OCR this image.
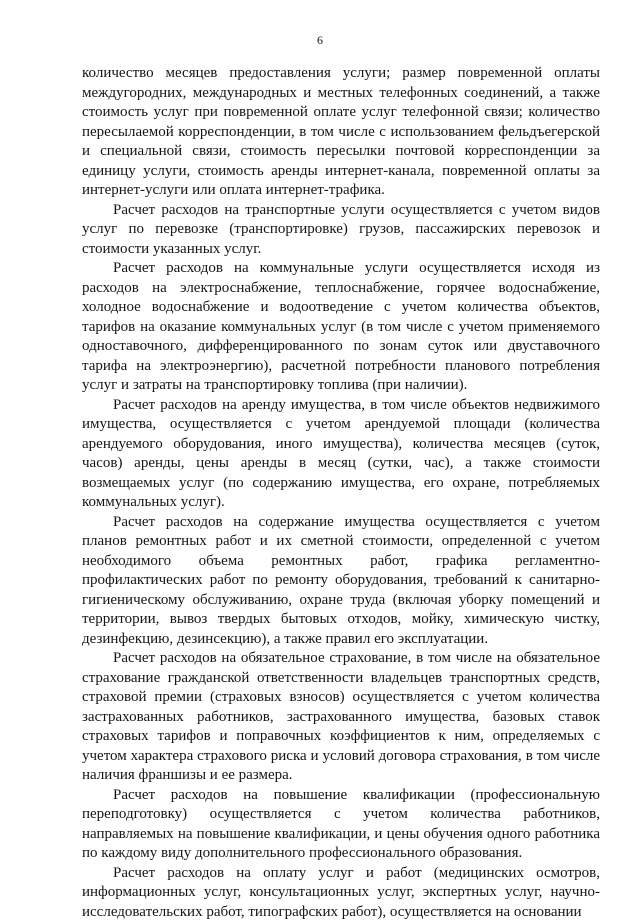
6

количество месяцев предоставления услуги; размер повременной оплаты междугородних, международных и местных телефонных соединений, а также стоимость услуг при повременной оплате услуг телефонной связи; количество пересылаемой корреспонденции, в том числе с использованием фельдъегерской и специальной связи, стоимость пересылки почтовой корреспонденции за единицу услуги, стоимость аренды интернет-канала, повременной оплаты за интернет-услуги или оплата интернет-трафика.

Расчет расходов на транспортные услуги осуществляется с учетом видов услуг по перевозке (транспортировке) грузов, пассажирских перевозок и стоимости указанных услуг.

Расчет расходов на коммунальные услуги осуществляется исходя из расходов на электроснабжение, теплоснабжение, горячее водоснабжение, холодное водоснабжение и водоотведение с учетом количества объектов, тарифов на оказание коммунальных услуг (в том числе с учетом применяемого одноставочного, дифференцированного по зонам суток или двуставочного тарифа на электроэнергию), расчетной потребности планового потребления услуг и затраты на транспортировку топлива (при наличии).

Расчет расходов на аренду имущества, в том числе объектов недвижимого имущества, осуществляется с учетом арендуемой площади (количества арендуемого оборудования, иного имущества), количества месяцев (суток, часов) аренды, цены аренды в месяц (сутки, час), а также стоимости возмещаемых услуг (по содержанию имущества, его охране, потребляемых коммунальных услуг).

Расчет расходов на содержание имущества осуществляется с учетом планов ремонтных работ и их сметной стоимости, определенной с учетом необходимого объема ремонтных работ, графика регламентно-профилактических работ по ремонту оборудования, требований к санитарно-гигиеническому обслуживанию, охране труда (включая уборку помещений и территории, вывоз твердых бытовых отходов, мойку, химическую чистку, дезинфекцию, дезинсекцию), а также правил его эксплуатации.

Расчет расходов на обязательное страхование, в том числе на обязательное страхование гражданской ответственности владельцев транспортных средств, страховой премии (страховых взносов) осуществляется с учетом количества застрахованных работников, застрахованного имущества, базовых ставок страховых тарифов и поправочных коэффициентов к ним, определяемых с учетом характера страхового риска и условий договора страхования, в том числе наличия франшизы и ее размера.

Расчет расходов на повышение квалификации (профессиональную переподготовку) осуществляется с учетом количества работников, направляемых на повышение квалификации, и цены обучения одного работника по каждому виду дополнительного профессионального образования.

Расчет расходов на оплату услуг и работ (медицинских осмотров, информационных услуг, консультационных услуг, экспертных услуг, научно-исследовательских работ, типографских работ), осуществляется на основании
